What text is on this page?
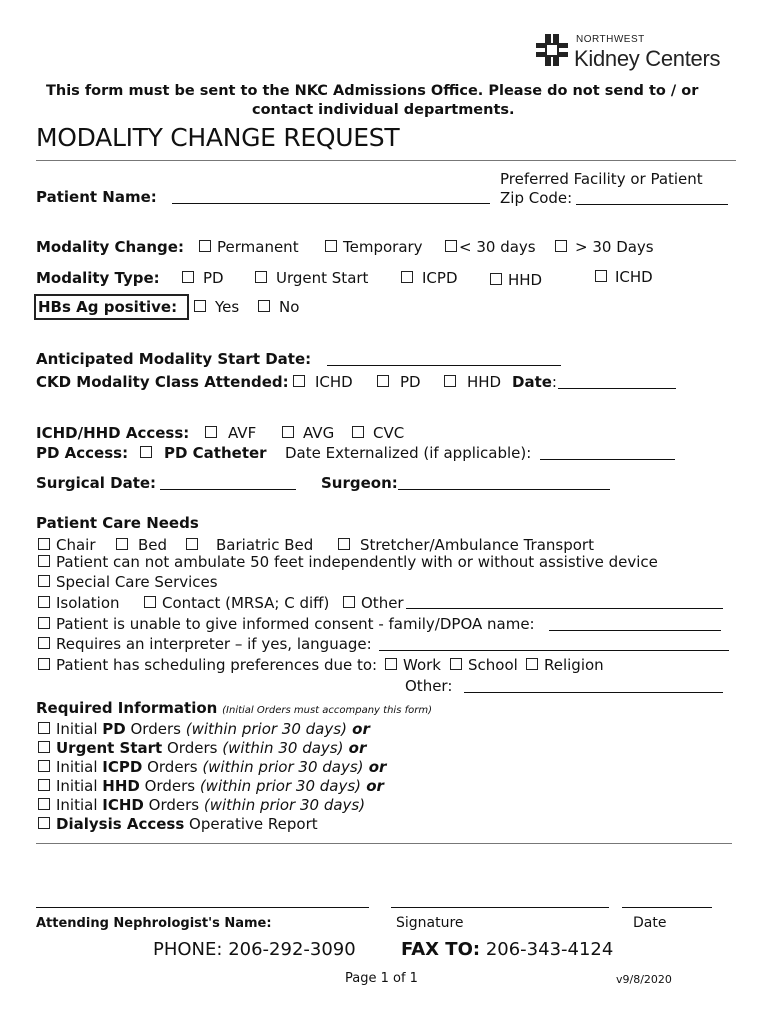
NORTHWEST
Kidney Centers
This form must be sent to the NKC Admissions Office. Please do not send to / or
contact individual departments.
MODALITY CHANGE REQUEST
Patient Name:
Preferred Facility or Patient
Zip Code:
Modality Change:	Permanent	Temporary	< 30 days	> 30 Days
Modality Type:	PD	Urgent Start	ICPD	HHD	ICHD
HBs Ag positive:	Yes	No
Anticipated Modality Start Date:
CKD Modality Class Attended:	ICHD	PD	HHD Date:
ICHD/HHD Access:	AVF	AVG	CVC
PD Access:	PD Catheter Date Externalized (if applicable):
Surgical Date:	Surgeon:
Patient Care Needs
Chair	Bed	Bariatric Bed	Stretcher/Ambulance Transport
Patient can not ambulate 50 feet independently with or without assistive device
Special Care Services
Isolation	Contact (MRSA; C diff)	Other
Patient is unable to give informed consent - family/DPOA name:
Requires an interpreter – if yes, language:
Patient has scheduling preferences due to:	Work	School	Religion
Other:
Required Information (Initial Orders must accompany this form)
Initial PD Orders (within prior 30 days) or
Urgent Start Orders (within 30 days) or
Initial ICPD Orders (within prior 30 days) or
Initial HHD Orders (within prior 30 days) or
Initial ICHD Orders (within prior 30 days)
Dialysis Access Operative Report
Attending Nephrologist's Name:	Signature	Date
PHONE: 206-292-3090	FAX TO: 206-343-4124
Page 1 of 1	v9/8/2020
